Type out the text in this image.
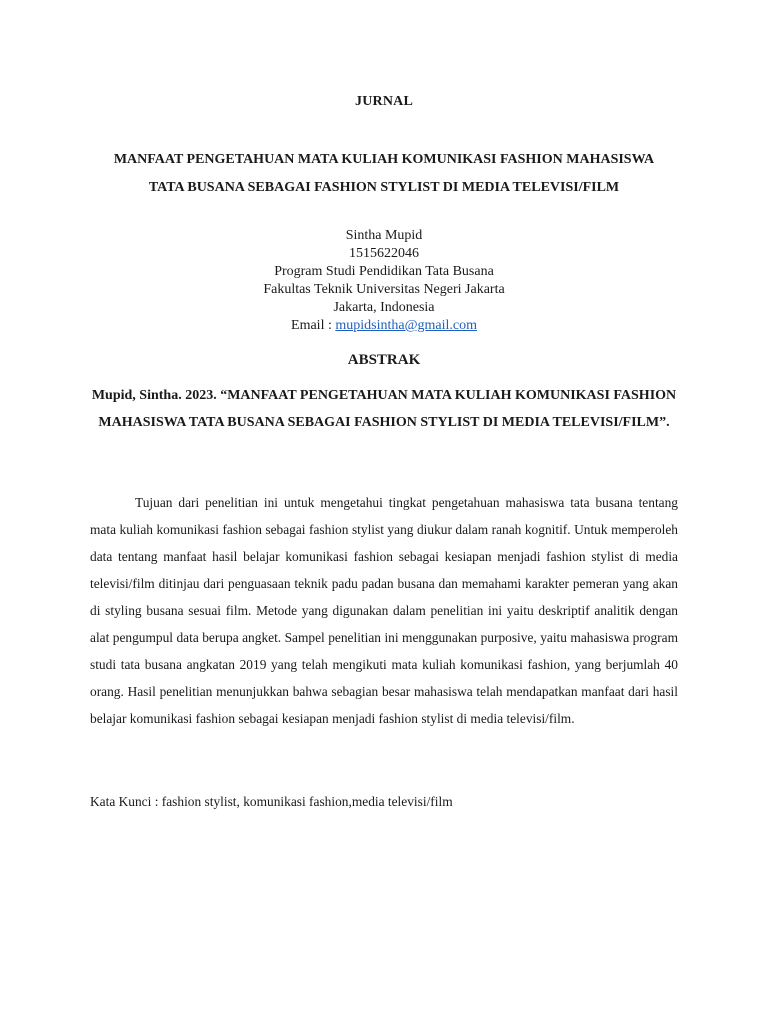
JURNAL
MANFAAT PENGETAHUAN MATA KULIAH KOMUNIKASI FASHION MAHASISWA
TATA BUSANA SEBAGAI FASHION STYLIST DI MEDIA TELEVISI/FILM
Sintha Mupid
1515622046
Program Studi Pendidikan Tata Busana
Fakultas Teknik Universitas Negeri Jakarta
Jakarta, Indonesia
Email : mupidsintha@gmail.com
ABSTRAK
Mupid, Sintha. 2023. “MANFAAT PENGETAHUAN MATA KULIAH KOMUNIKASI FASHION MAHASISWA TATA BUSANA SEBAGAI FASHION STYLIST DI MEDIA TELEVISI/FILM”.
Tujuan dari penelitian ini untuk mengetahui tingkat pengetahuan mahasiswa tata busana tentang mata kuliah komunikasi fashion sebagai fashion stylist yang diukur dalam ranah kognitif. Untuk memperoleh data tentang manfaat hasil belajar komunikasi fashion sebagai kesiapan menjadi fashion stylist di media televisi/film ditinjau dari penguasaan teknik padu padan busana dan memahami karakter pemeran yang akan di styling busana sesuai film. Metode yang digunakan dalam penelitian ini yaitu deskriptif analitik dengan alat pengumpul data berupa angket. Sampel penelitian ini menggunakan purposive, yaitu mahasiswa program studi tata busana angkatan 2019 yang telah mengikuti mata kuliah komunikasi fashion, yang berjumlah 40 orang. Hasil penelitian menunjukkan bahwa sebagian besar mahasiswa telah mendapatkan manfaat dari hasil belajar komunikasi fashion sebagai kesiapan menjadi fashion stylist di media televisi/film.
Kata Kunci : fashion stylist, komunikasi fashion,media televisi/film
